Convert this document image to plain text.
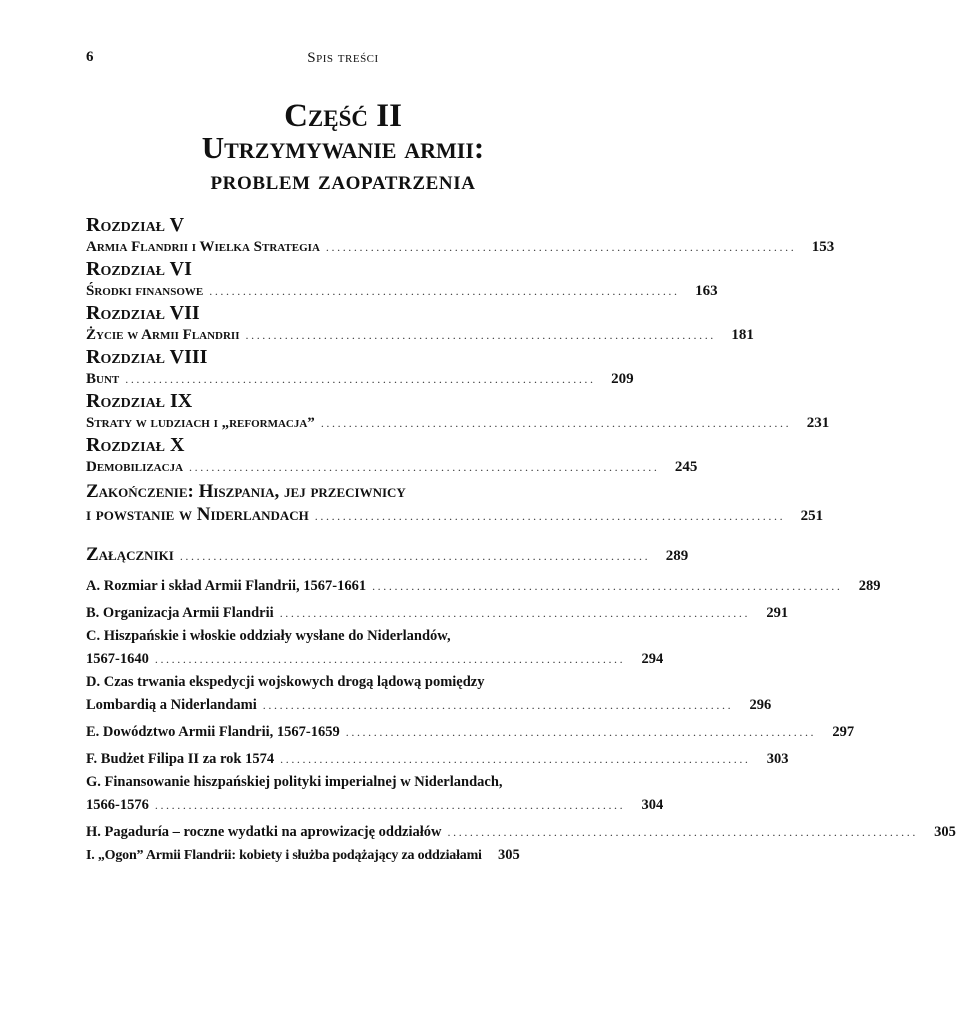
6	Spis treści
Część II
Utrzymywanie armii:
problem zaopatrzenia
Rozdział V
Armia Flandrii i Wielka Strategia ....................................................................................	153
Rozdział VI
Środki finansowe ....................................................................................	163
Rozdział VII
Życie w Armii Flandrii ....................................................................................	181
Rozdział VIII
Bunt ....................................................................................	209
Rozdział IX
Straty w ludziach i „reformacja” ....................................................................................	231
Rozdział X
Demobilizacja ....................................................................................	245
Zakończenie: Hiszpania, jej przeciwnicy
i powstanie w Niderlandach ....................................................................................	251
Załączniki ....................................................................................	289
A. Rozmiar i skład Armii Flandrii, 1567-1661 ....................................................................................	289
B. Organizacja Armii Flandrii ....................................................................................	291
C. Hiszpańskie i włoskie oddziały wysłane do Niderlandów,
1567-1640 ....................................................................................	294
D. Czas trwania ekspedycji wojskowych drogą lądową pomiędzy
Lombardią a Niderlandami ....................................................................................	296
E. Dowództwo Armii Flandrii, 1567-1659 ....................................................................................	297
F. Budżet Filipa II za rok 1574 ....................................................................................	303
G. Finansowanie hiszpańskiej polityki imperialnej w Niderlandach,
1566-1576 ....................................................................................	304
H. Pagaduría – roczne wydatki na aprowizację oddziałów ....................................................................................	305
I. „Ogon” Armii Flandrii: kobiety i służba podążający za oddziałami	305
